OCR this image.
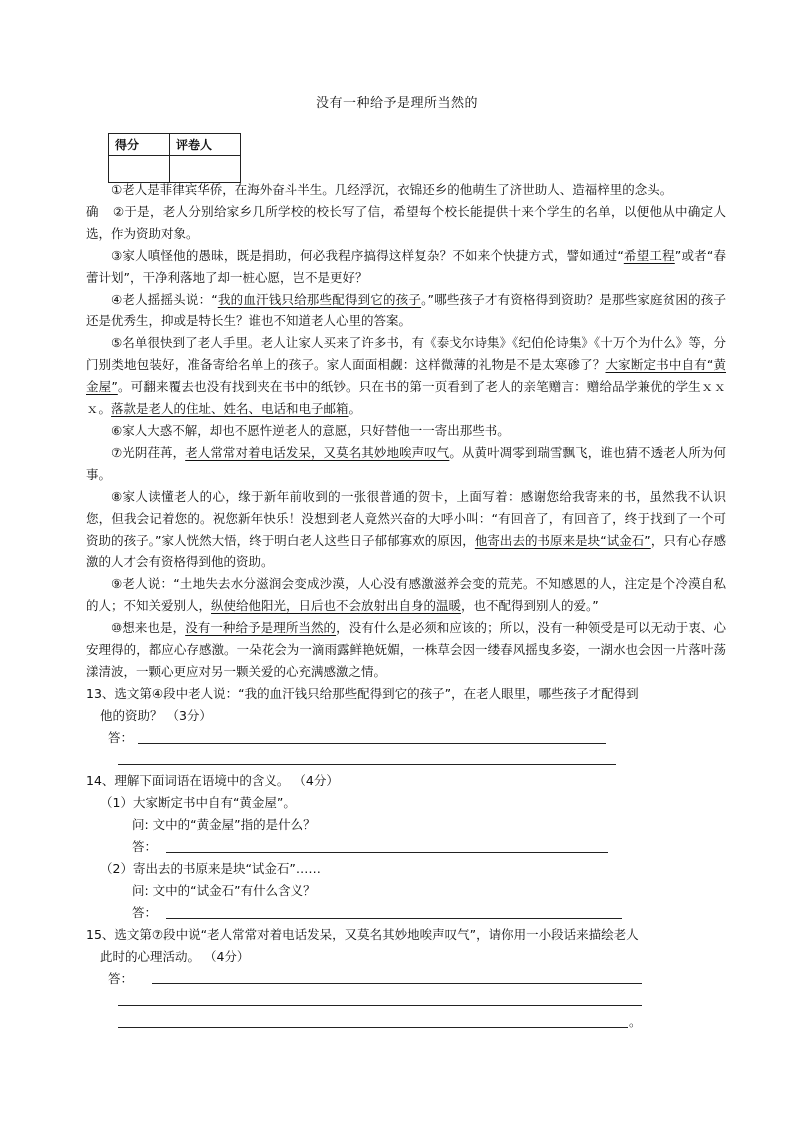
没有一种给予是理所当然的
得分	评卷人

①老人是菲律宾华侨，在海外奋斗半生。几经浮沉，衣锦还乡的他萌生了济世助人、造福梓里的念头。

确 ②于是，老人分别给家乡几所学校的校长写了信，希望每个校长能提供十来个学生的名单，以便他从中确定人选，作为资助对象。

③家人嗔怪他的愚昧，既是捐助，何必我程序搞得这样复杂？不如来个快捷方式，譬如通过“希望工程”或者“春蕾计划”，干净利落地了却一桩心愿，岂不是更好？

④老人摇摇头说：“我的血汗钱只给那些配得到它的孩子。”哪些孩子才有资格得到资助？是那些家庭贫困的孩子还是优秀生，抑或是特长生？谁也不知道老人心里的答案。

⑤名单很快到了老人手里。老人让家人买来了许多书，有《泰戈尔诗集》《纪伯伦诗集》《十万个为什么》等，分门别类地包装好，准备寄给名单上的孩子。家人面面相觑：这样微薄的礼物是不是太寒碜了？大家断定书中自有“黄金屋”。可翻来覆去也没有找到夹在书中的纸钞。只在书的第一页看到了老人的亲笔赠言：赠给品学兼优的学生ｘｘｘ。落款是老人的住址、姓名、电话和电子邮箱。

⑥家人大惑不解，却也不愿忤逆老人的意愿，只好替他一一寄出那些书。

⑦光阴荏苒，老人常常对着电话发呆，又莫名其妙地唉声叹气。从黄叶凋零到瑞雪飘飞，谁也猜不透老人所为何事。

⑧家人读懂老人的心，缘于新年前收到的一张很普通的贺卡，上面写着：感谢您给我寄来的书，虽然我不认识您，但我会记着您的。祝您新年快乐！没想到老人竟然兴奋的大呼小叫：“有回音了，有回音了，终于找到了一个可资助的孩子。”家人恍然大悟，终于明白老人这些日子郁郁寡欢的原因，他寄出去的书原来是块“试金石”，只有心存感激的人才会有资格得到他的资助。

⑨老人说：“土地失去水分滋润会变成沙漠，人心没有感激滋养会变的荒芜。不知感恩的人，注定是个冷漠自私的人；不知关爱别人，纵使给他阳光，日后也不会放射出自身的温暖，也不配得到别人的爱。”

⑩想来也是，没有一种给予是理所当然的，没有什么是必须和应该的；所以，没有一种领受是可以无动于衷、心安理得的，都应心存感激。一朵花会为一滴雨露鲜艳妩媚，一株草会因一缕春风摇曳多姿，一湖水也会因一片落叶荡漾清波，一颗心更应对另一颗关爱的心充满感激之情。

13、选文第④段中老人说：“我的血汗钱只给那些配得到它的孩子”，在老人眼里，哪些孩子才配得到

他的资助？ （3分）

答：

14、理解下面词语在语境中的含义。 （4分）

（1）大家断定书中自有“黄金屋”。

问: 文中的“黄金屋”指的是什么？

答：

（2）寄出去的书原来是块“试金石”……

问: 文中的“试金石”有什么含义？

答：

15、选文第⑦段中说“老人常常对着电话发呆，又莫名其妙地唉声叹气”，请你用一小段话来描绘老人

此时的心理活动。 （4分）

答：
。
